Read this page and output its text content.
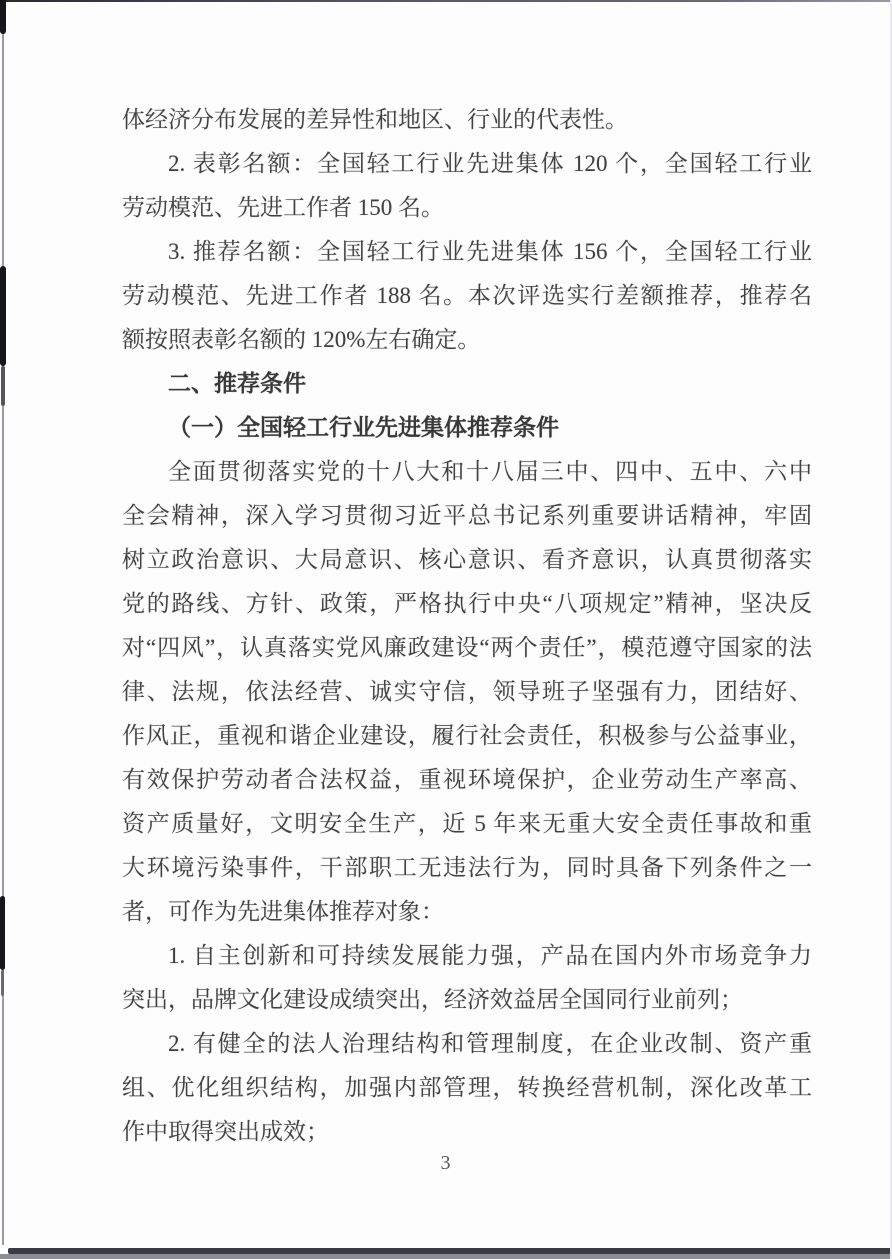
体经济分布发展的差异性和地区、行业的代表性。
2. 表彰名额：全国轻工行业先进集体 120 个，全国轻工行业
劳动模范、先进工作者 150 名。
3. 推荐名额：全国轻工行业先进集体 156 个，全国轻工行业
劳动模范、先进工作者 188 名。本次评选实行差额推荐，推荐名
额按照表彰名额的 120%左右确定。
二、推荐条件
（一）全国轻工行业先进集体推荐条件
全面贯彻落实党的十八大和十八届三中、四中、五中、六中
全会精神，深入学习贯彻习近平总书记系列重要讲话精神，牢固
树立政治意识、大局意识、核心意识、看齐意识，认真贯彻落实
党的路线、方针、政策，严格执行中央“八项规定”精神，坚决反
对“四风”，认真落实党风廉政建设“两个责任”，模范遵守国家的法
律、法规，依法经营、诚实守信，领导班子坚强有力，团结好、
作风正，重视和谐企业建设，履行社会责任，积极参与公益事业，
有效保护劳动者合法权益，重视环境保护，企业劳动生产率高、
资产质量好，文明安全生产，近 5 年来无重大安全责任事故和重
大环境污染事件，干部职工无违法行为，同时具备下列条件之一
者，可作为先进集体推荐对象：
1. 自主创新和可持续发展能力强，产品在国内外市场竞争力
突出，品牌文化建设成绩突出，经济效益居全国同行业前列；
2. 有健全的法人治理结构和管理制度，在企业改制、资产重
组、优化组织结构，加强内部管理，转换经营机制，深化改革工
作中取得突出成效；
3
